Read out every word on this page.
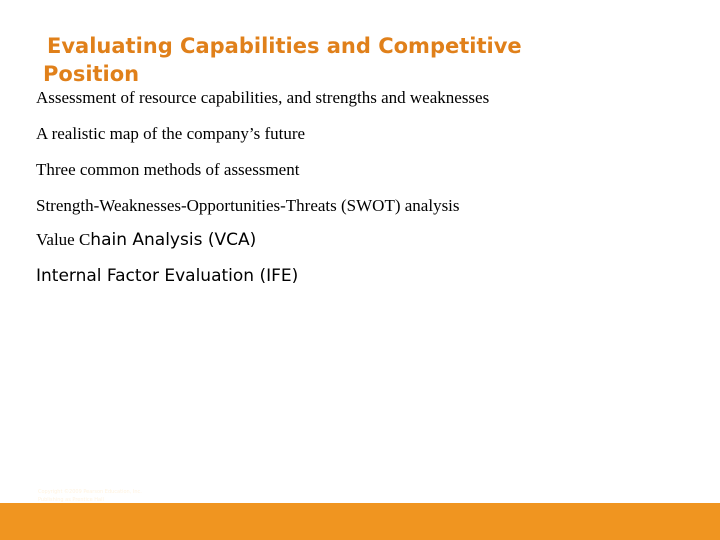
Evaluating Capabilities and Competitive
Position
Assessment of resource capabilities, and strengths and weaknesses
A realistic map of the company’s future
Three common methods of assessment
Strength-Weaknesses-Opportunities-Threats (SWOT) analysis
Value Chain Analysis (VCA)
Internal Factor Evaluation (IFE)
Ch 4 -24
Copyright ©2009 Pearson Education, Inc.
Publishing as Prentice Hall
Copyright © 2011 Pearson Education
